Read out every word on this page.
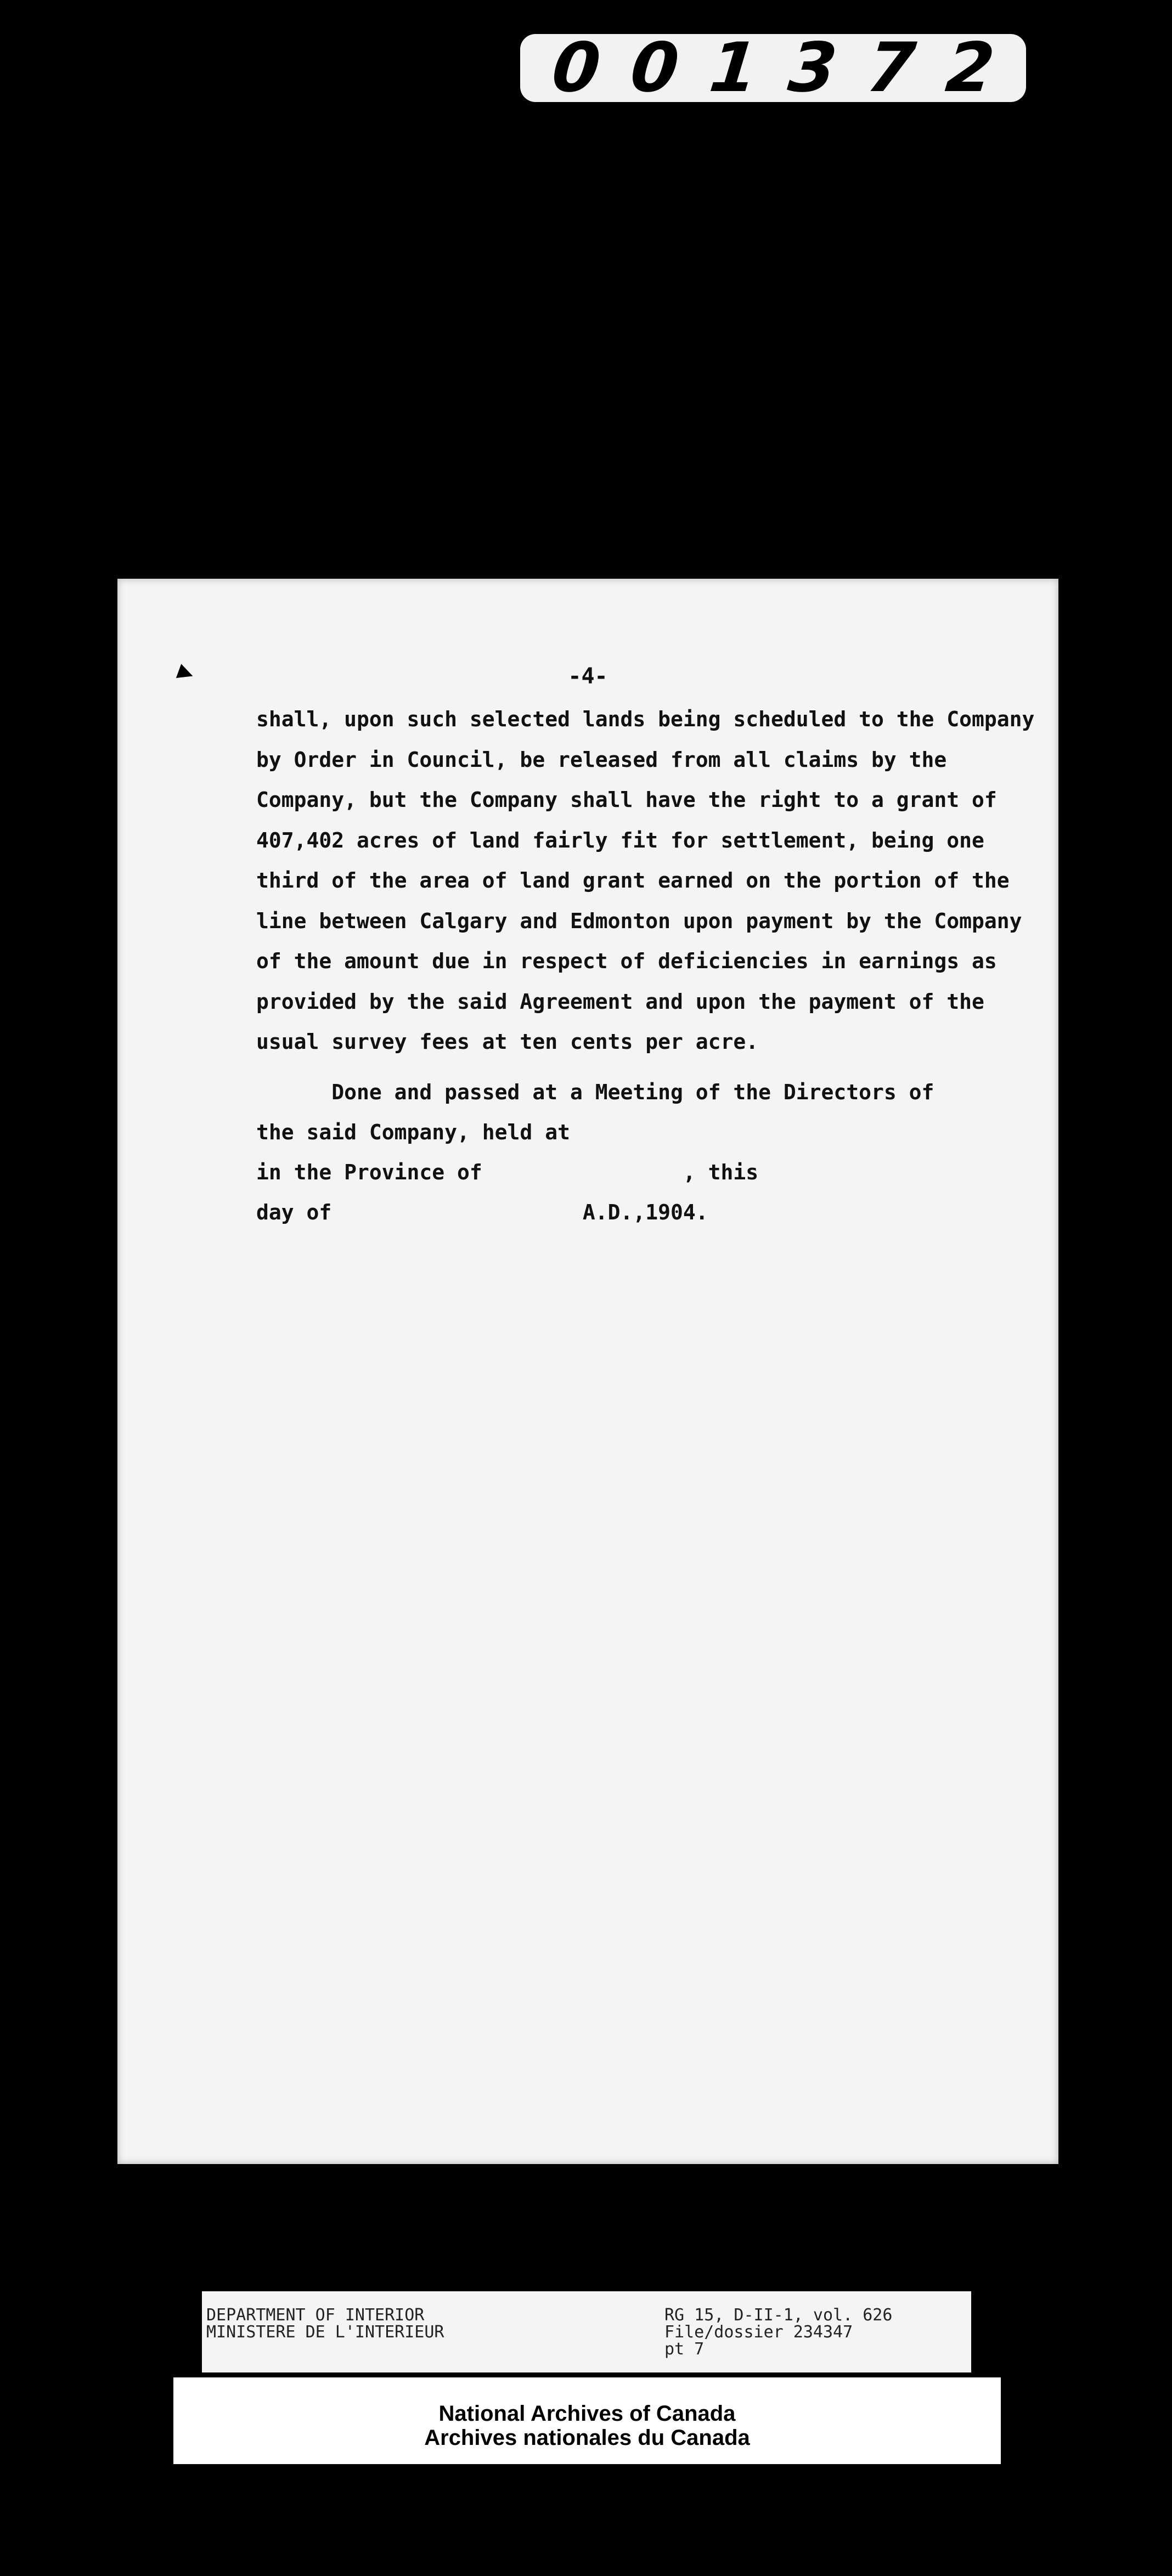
0 0 1 3 7 2
▶	-4-
shall, upon such selected lands being scheduled to the Company
by Order in Council, be released from all claims by the
Company, but the Company shall have the right to a grant of
407,402 acres of land fairly fit for settlement, being one
third of the area of land grant earned on the portion of the
line between Calgary and Edmonton upon payment by the Company
of the amount due in respect of deficiencies in earnings as
provided by the said Agreement and upon the payment of the
usual survey fees at ten cents per acre.
Done and passed at a Meeting of the Directors of
the said Company, held at
in the Province of                , this
day of                    A.D.,1904.
DEPARTMENT OF INTERIOR
MINISTERE DE L'INTERIEUR
RG 15, D-II-1, vol. 626
File/dossier 234347
pt 7
National Archives of Canada
Archives nationales du Canada
